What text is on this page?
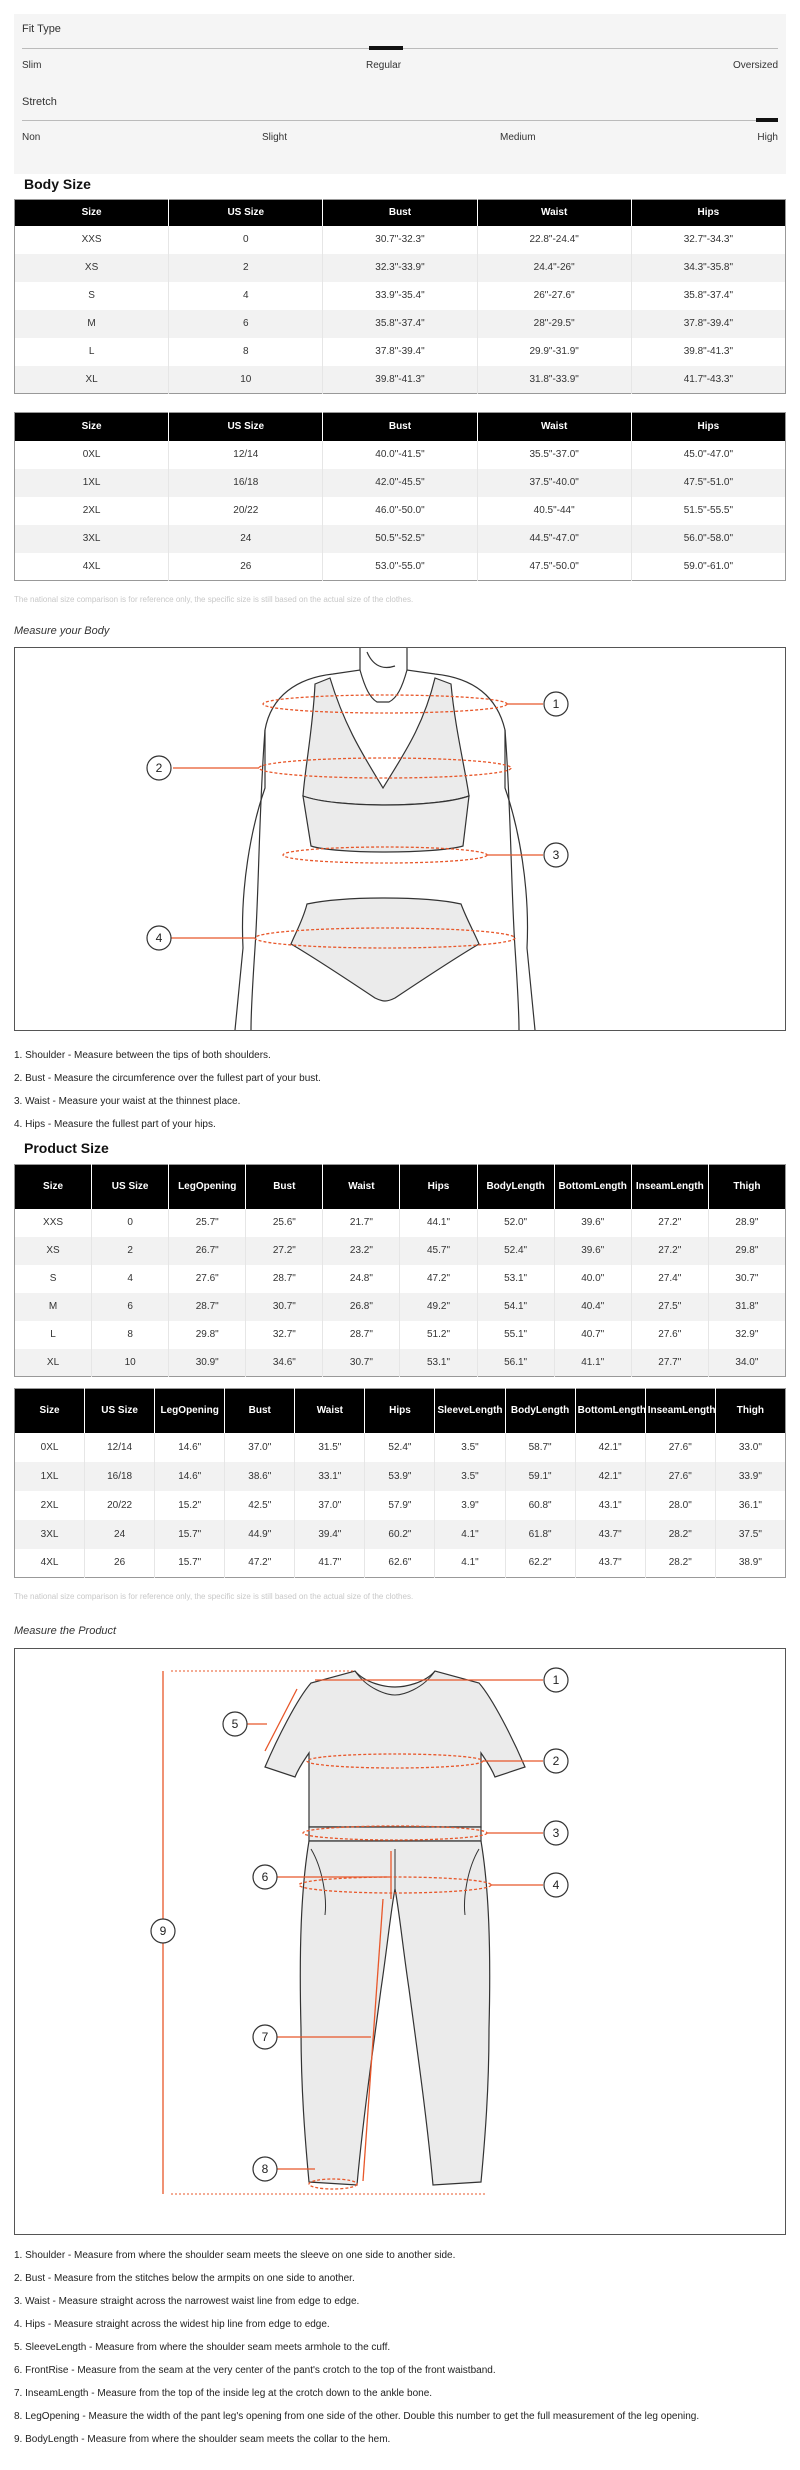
Fit Type
Slim	Regular	Oversized
Stretch
Non	Slight	Medium	High
Body Size
Size	US Size	Bust	Waist	Hips
XXS	0	30.7"-32.3"	22.8"-24.4"	32.7"-34.3"
XS	2	32.3"-33.9"	24.4"-26"	34.3"-35.8"
S	4	33.9"-35.4"	26"-27.6"	35.8"-37.4"
M	6	35.8"-37.4"	28"-29.5"	37.8"-39.4"
L	8	37.8"-39.4"	29.9"-31.9"	39.8"-41.3"
XL	10	39.8"-41.3"	31.8"-33.9"	41.7"-43.3"
Size	US Size	Bust	Waist	Hips
0XL	12/14	40.0"-41.5"	35.5"-37.0"	45.0"-47.0"
1XL	16/18	42.0"-45.5"	37.5"-40.0"	47.5"-51.0"
2XL	20/22	46.0"-50.0"	40.5"-44"	51.5"-55.5"
3XL	24	50.5"-52.5"	44.5"-47.0"	56.0"-58.0"
4XL	26	53.0"-55.0"	47.5"-50.0"	59.0"-61.0"
The national size comparison is for reference only, the specific size is still based on the actual size of the clothes.
Measure your Body
1
2
3
4
1. Shoulder - Measure between the tips of both shoulders.
2. Bust - Measure the circumference over the fullest part of your bust.
3. Waist - Measure your waist at the thinnest place.
4. Hips - Measure the fullest part of your hips.
Product Size
Size	US Size	LegOpening	Bust	Waist	Hips	BodyLength	BottomLength	InseamLength	Thigh
XXS	0	25.7"	25.6"	21.7"	44.1"	52.0"	39.6"	27.2"	28.9"
XS	2	26.7"	27.2"	23.2"	45.7"	52.4"	39.6"	27.2"	29.8"
S	4	27.6"	28.7"	24.8"	47.2"	53.1"	40.0"	27.4"	30.7"
M	6	28.7"	30.7"	26.8"	49.2"	54.1"	40.4"	27.5"	31.8"
L	8	29.8"	32.7"	28.7"	51.2"	55.1"	40.7"	27.6"	32.9"
XL	10	30.9"	34.6"	30.7"	53.1"	56.1"	41.1"	27.7"	34.0"
Size	US Size	LegOpening	Bust	Waist	Hips	SleeveLength	BodyLength	BottomLength	InseamLength	Thigh
0XL	12/14	14.6"	37.0"	31.5"	52.4"	3.5"	58.7"	42.1"	27.6"	33.0"
1XL	16/18	14.6"	38.6"	33.1"	53.9"	3.5"	59.1"	42.1"	27.6"	33.9"
2XL	20/22	15.2"	42.5"	37.0"	57.9"	3.9"	60.8"	43.1"	28.0"	36.1"
3XL	24	15.7"	44.9"	39.4"	60.2"	4.1"	61.8"	43.7"	28.2"	37.5"
4XL	26	15.7"	47.2"	41.7"	62.6"	4.1"	62.2"	43.7"	28.2"	38.9"
The national size comparison is for reference only, the specific size is still based on the actual size of the clothes.
Measure the Product
1
2
3
4
5
6
7
8
9
1. Shoulder - Measure from where the shoulder seam meets the sleeve on one side to another side.
2. Bust - Measure from the stitches below the armpits on one side to another.
3. Waist - Measure straight across the narrowest waist line from edge to edge.
4. Hips - Measure straight across the widest hip line from edge to edge.
5. SleeveLength - Measure from where the shoulder seam meets armhole to the cuff.
6. FrontRise - Measure from the seam at the very center of the pant's crotch to the top of the front waistband.
7. InseamLength - Measure from the top of the inside leg at the crotch down to the ankle bone.
8. LegOpening - Measure the width of the pant leg's opening from one side of the other. Double this number to get the full measurement of the leg opening.
9. BodyLength - Measure from where the shoulder seam meets the collar to the hem.
